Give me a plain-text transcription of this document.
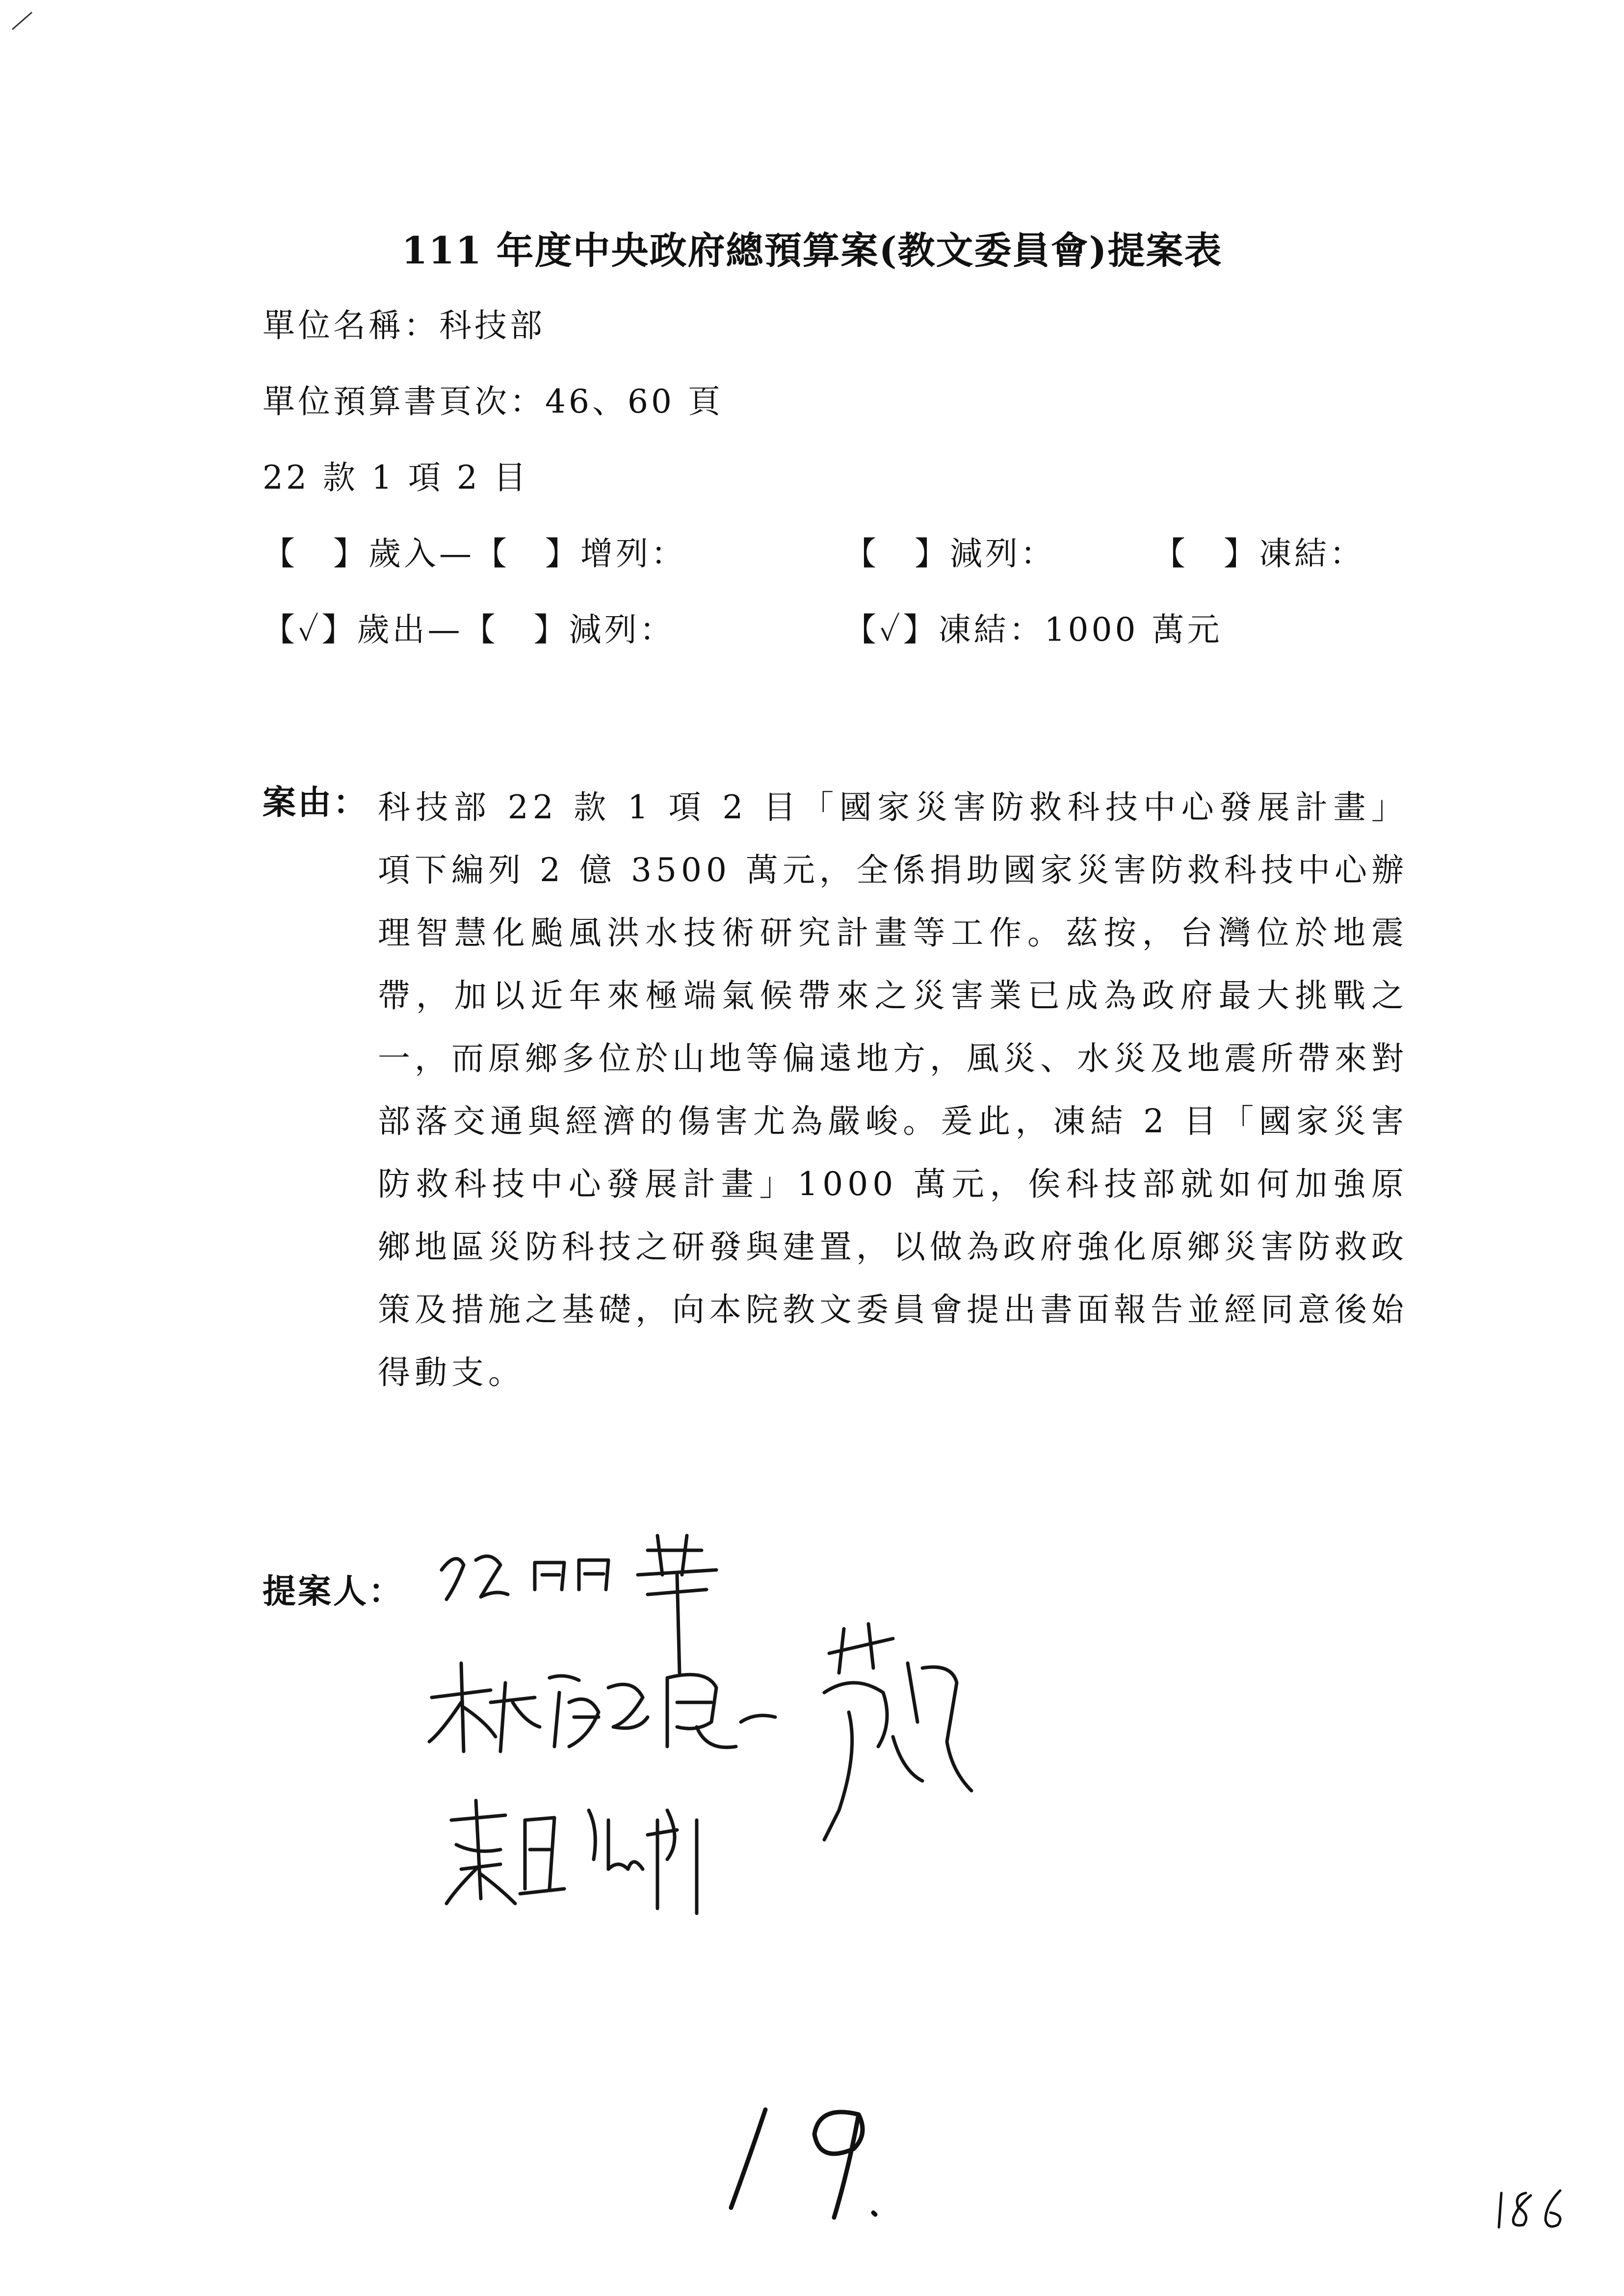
111 年度中央政府總預算案(教文委員會)提案表
單位名稱：科技部
單位預算書頁次：46、60 頁
22 款 1 項 2 目
【　】歲入—【　】增列：	【　】減列：	【　】凍結：
【✓】歲出—【　】減列：	【✓】凍結：1000 萬元
案由： 科技部 22 款 1 項 2 目「國家災害防救科技中心發展計畫」項下編列 2 億 3500 萬元，全係捐助國家災害防救科技中心辦理智慧化颱風洪水技術研究計畫等工作。茲按，台灣位於地震帶，加以近年來極端氣候帶來之災害業已成為政府最大挑戰之一，而原鄉多位於山地等偏遠地方，風災、水災及地震所帶來對部落交通與經濟的傷害尤為嚴峻。爰此，凍結 2 目「國家災害防救科技中心發展計畫」1000 萬元，俟科技部就如何加強原鄉地區災防科技之研發與建置，以做為政府強化原鄉災害防救政策及措施之基礎，向本院教文委員會提出書面報告並經同意後始得動支。

提案人：
